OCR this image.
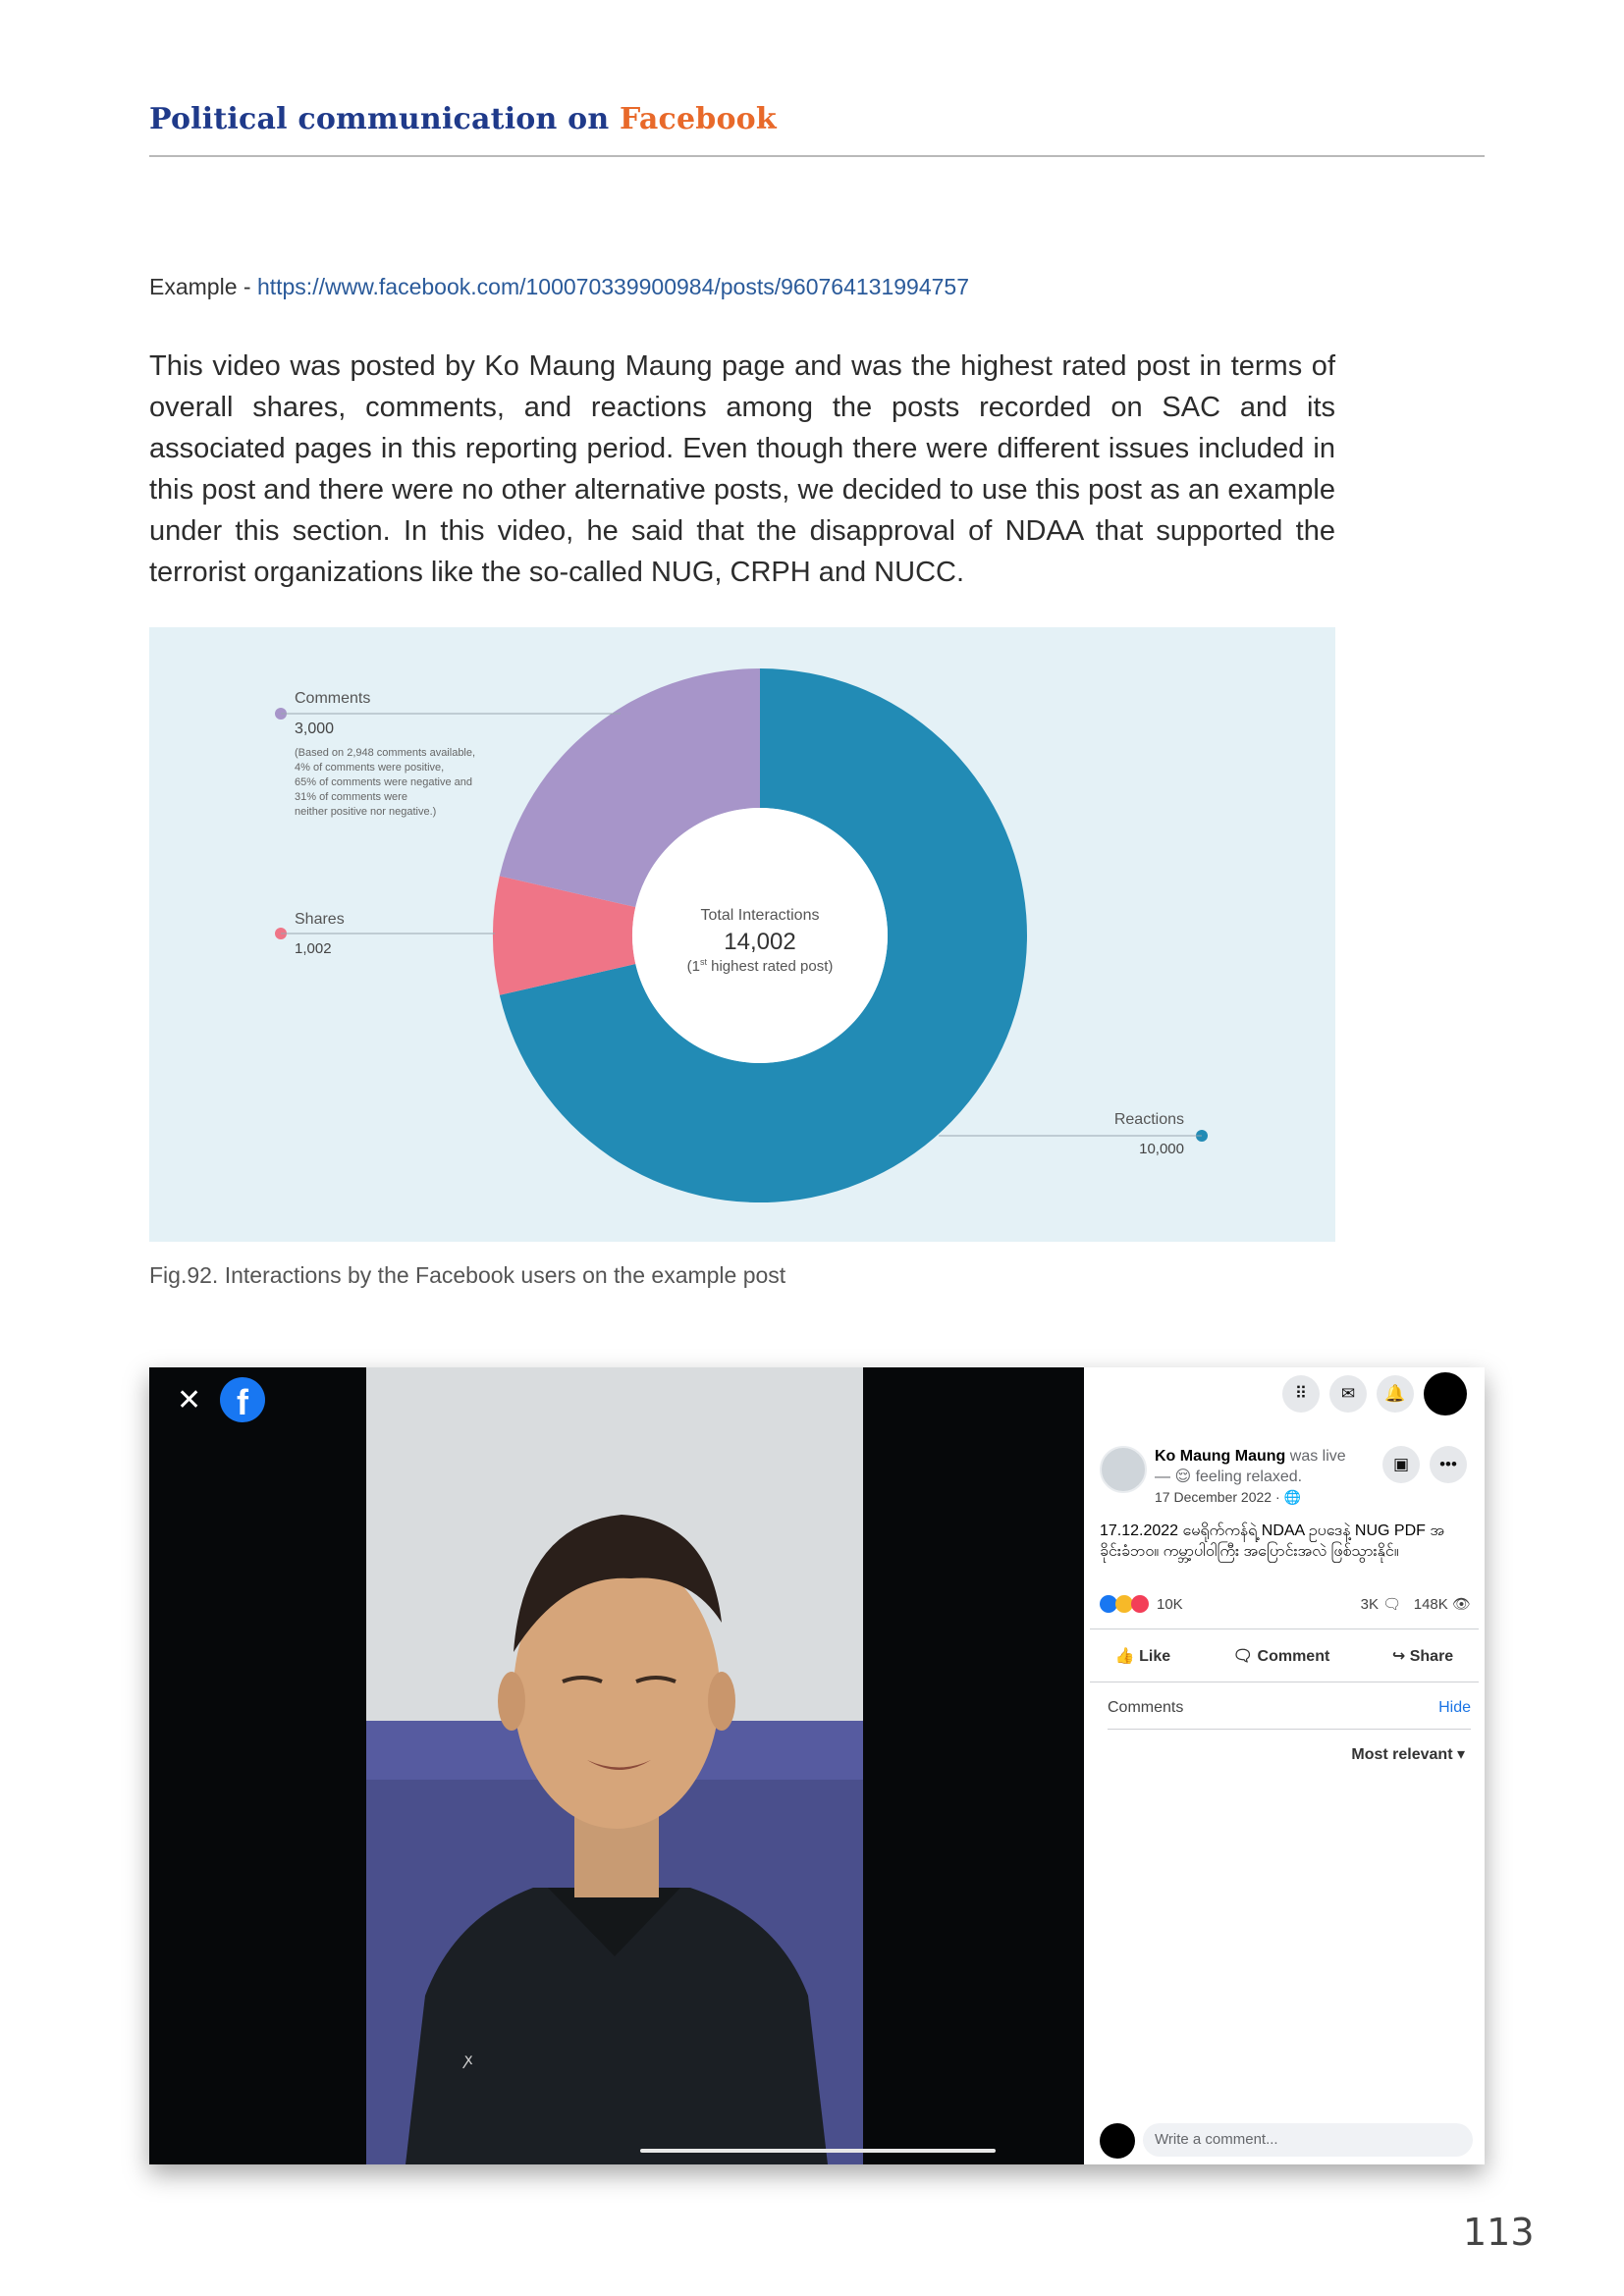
Political communication on Facebook
Example - https://www.facebook.com/100070339900984/posts/960764131994757
This video was posted by Ko Maung Maung page and was the highest rated post in terms of overall shares, comments, and reactions among the posts recorded on SAC and its associated pages in this reporting period. Even though there were different issues included in this post and there were no other alternative posts, we decided to use this post as an example under this section. In this video, he said that the disapproval of NDAA that supported the terrorist organizations like the so-called NUG, CRPH and NUCC.
Comments
3,000
(Based on 2,948 comments available,
4% of comments were positive,
65% of comments were negative and
31% of comments were
neither positive nor negative.)
Shares
1,002
Reactions
10,000
Total Interactions
14,002
(1st highest rated post)
Fig.92. Interactions by the Facebook users on the example post
✕ f
ꭗ
⠿	✉	🔔
Ko Maung Maung was live
— 😌 feeling relaxed.
17 December 2022 · 🌐
▣	•••
17.12.2022 မေရိုက်ကန်ရဲ့ NDAA ဥပဒေနဲ့ NUG PDF အခိုင်းခံဘဝ။ ကမ္ဘာ့ပါဝါကြီး အပြောင်းအလဲ ဖြစ်သွားနိုင်။
10K	3K 🗨 148K 👁
👍 Like	🗨 Comment	↪ Share
Comments	Hide
Most relevant ▾
Write a comment...
113
